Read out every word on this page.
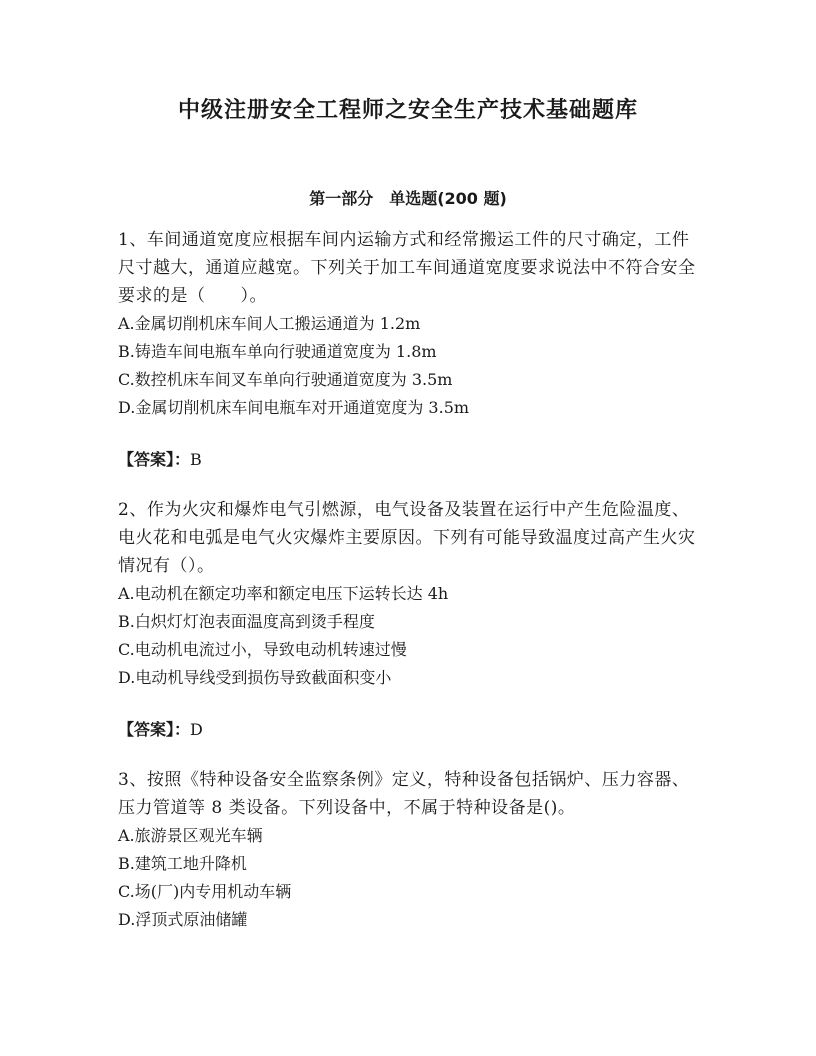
中级注册安全工程师之安全生产技术基础题库
第一部分　单选题(200 题)

1、车间通道宽度应根据车间内运输方式和经常搬运工件的尺寸确定，工件尺寸越大，通道应越宽。下列关于加工车间通道宽度要求说法中不符合安全要求的是（　　）。

A.金属切削机床车间人工搬运通道为 1.2m

B.铸造车间电瓶车单向行驶通道宽度为 1.8m

C.数控机床车间叉车单向行驶通道宽度为 3.5m

D.金属切削机床车间电瓶车对开通道宽度为 3.5m

【答案】：B

2、作为火灾和爆炸电气引燃源，电气设备及装置在运行中产生危险温度、电火花和电弧是电气火灾爆炸主要原因。下列有可能导致温度过高产生火灾情况有（）。

A.电动机在额定功率和额定电压下运转长达 4h

B.白炽灯灯泡表面温度高到烫手程度

C.电动机电流过小，导致电动机转速过慢

D.电动机导线受到损伤导致截面积变小

【答案】：D

3、按照《特种设备安全监察条例》定义，特种设备包括锅炉、压力容器、压力管道等 8 类设备。下列设备中，不属于特种设备是()。

A.旅游景区观光车辆

B.建筑工地升降机

C.场(厂)内专用机动车辆

D.浮顶式原油储罐
